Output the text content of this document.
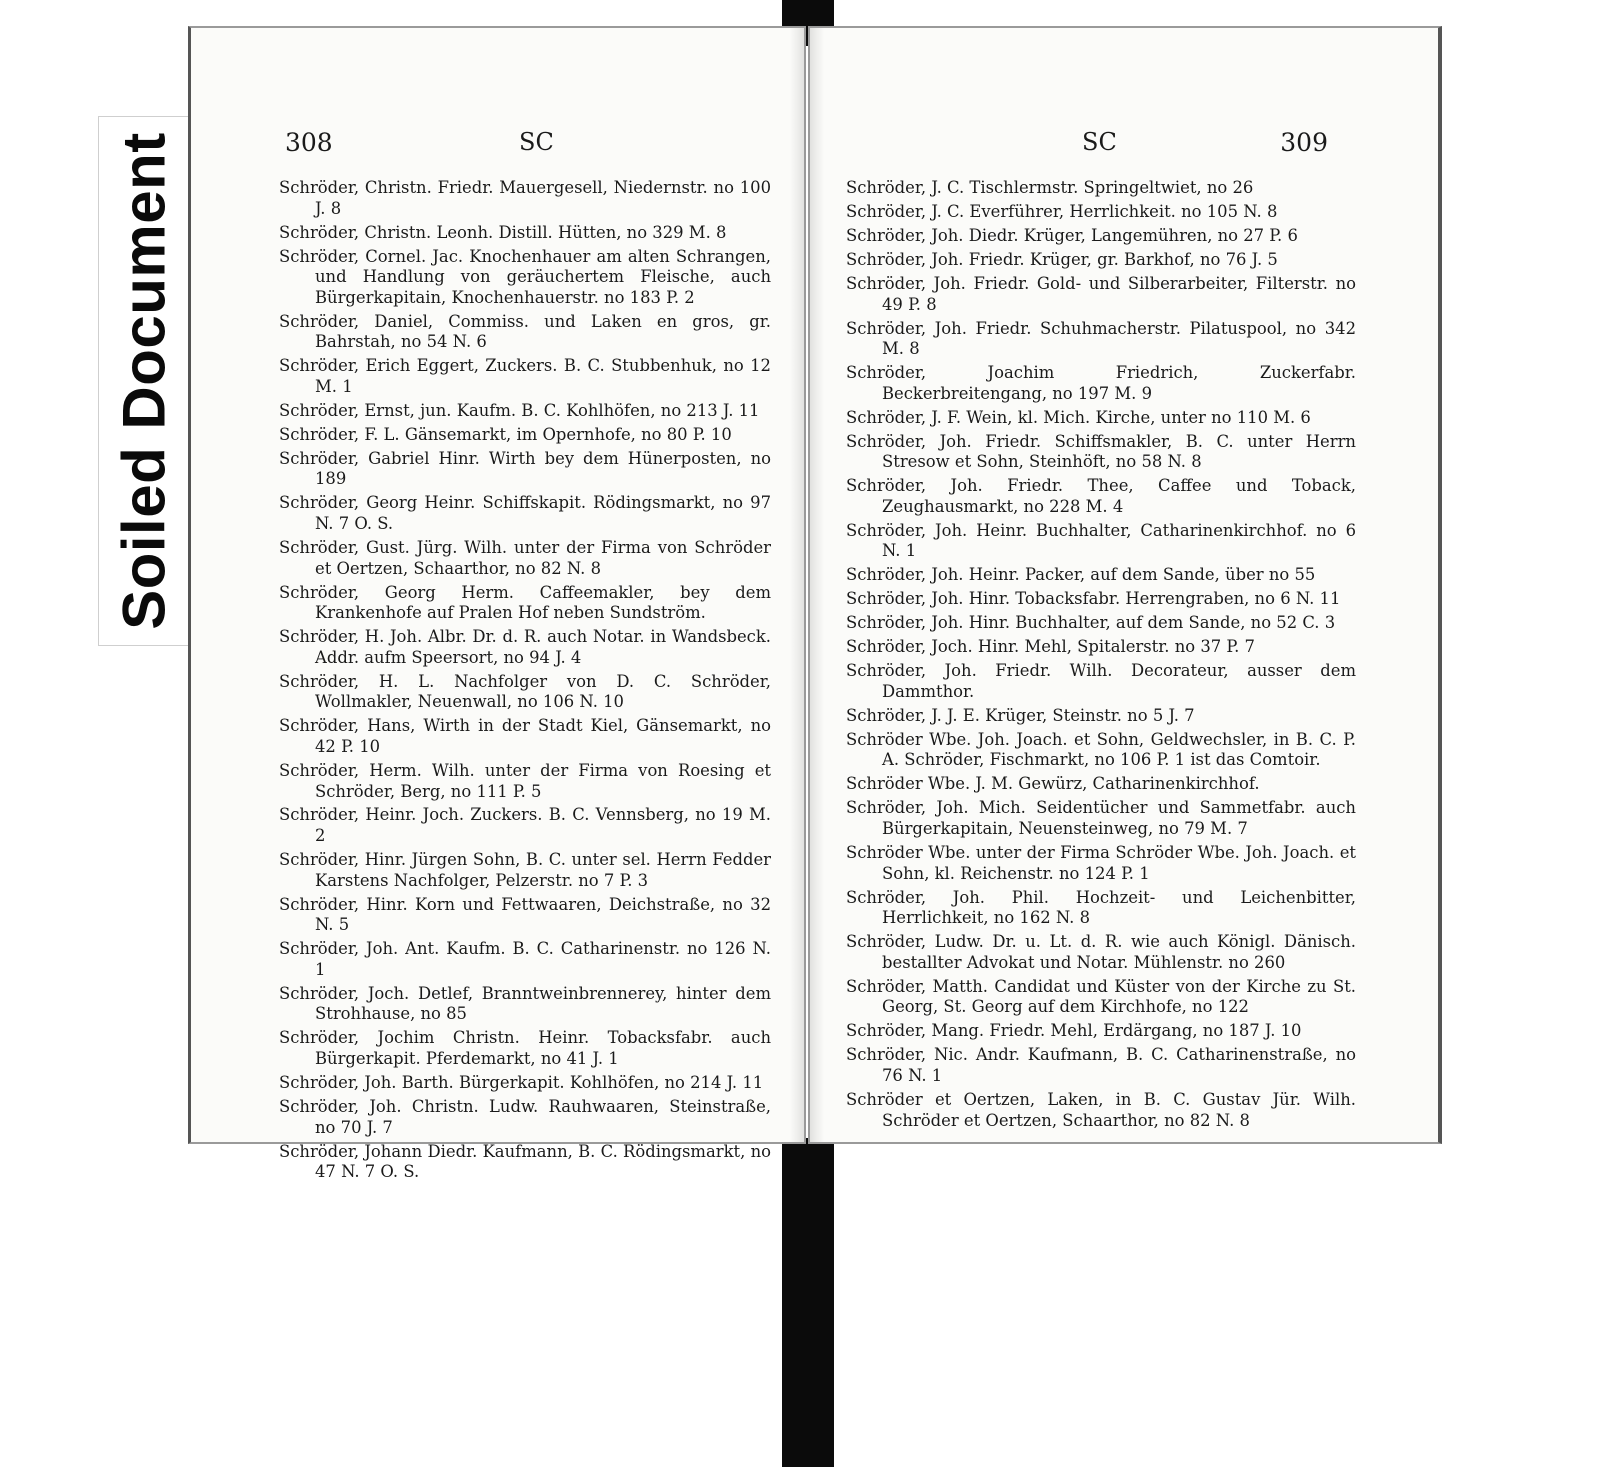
Soiled Document	308	SC
Schröder, Christn. Friedr. Mauergesell, Niedernstr. no 100 J. 8
Schröder, Christn. Leonh. Distill. Hütten, no 329 M. 8
Schröder, Cornel. Jac. Knochenhauer am alten Schrangen, und Handlung von geräuchertem Fleische, auch Bürgerkapitain, Knochenhauerstr. no 183 P. 2
Schröder, Daniel, Commiss. und Laken en gros, gr. Bahrstah, no 54 N. 6
Schröder, Erich Eggert, Zuckers. B. C. Stubbenhuk, no 12 M. 1
Schröder, Ernst, jun. Kaufm. B. C. Kohlhöfen, no 213 J. 11
Schröder, F. L. Gänsemarkt, im Opernhofe, no 80 P. 10
Schröder, Gabriel Hinr. Wirth bey dem Hünerposten, no 189
Schröder, Georg Heinr. Schiffskapit. Rödingsmarkt, no 97 N. 7 O. S.
Schröder, Gust. Jürg. Wilh. unter der Firma von Schröder et Oertzen, Schaarthor, no 82 N. 8
Schröder, Georg Herm. Caffeemakler, bey dem Krankenhofe auf Pralen Hof neben Sundström.
Schröder, H. Joh. Albr. Dr. d. R. auch Notar. in Wandsbeck. Addr. aufm Speersort, no 94 J. 4
Schröder, H. L. Nachfolger von D. C. Schröder, Wollmakler, Neuenwall, no 106 N. 10
Schröder, Hans, Wirth in der Stadt Kiel, Gänsemarkt, no 42 P. 10
Schröder, Herm. Wilh. unter der Firma von Roesing et Schröder, Berg, no 111 P. 5
Schröder, Heinr. Joch. Zuckers. B. C. Vennsberg, no 19 M. 2
Schröder, Hinr. Jürgen Sohn, B. C. unter sel. Herrn Fedder Karstens Nachfolger, Pelzerstr. no 7 P. 3
Schröder, Hinr. Korn und Fettwaaren, Deichstraße, no 32 N. 5
Schröder, Joh. Ant. Kaufm. B. C. Catharinenstr. no 126 N. 1
Schröder, Joch. Detlef, Branntweinbrennerey, hinter dem Strohhause, no 85
Schröder, Jochim Christn. Heinr. Tobacksfabr. auch Bürgerkapit. Pferdemarkt, no 41 J. 1
Schröder, Joh. Barth. Bürgerkapit. Kohlhöfen, no 214 J. 11
Schröder, Joh. Christn. Ludw. Rauhwaaren, Steinstraße, no 70 J. 7
Schröder, Johann Diedr. Kaufmann, B. C. Rödingsmarkt, no 47 N. 7 O. S.
SC	309
Schröder, J. C. Tischlermstr. Springeltwiet, no 26
Schröder, J. C. Everführer, Herrlichkeit. no 105 N. 8
Schröder, Joh. Diedr. Krüger, Langemühren, no 27 P. 6
Schröder, Joh. Friedr. Krüger, gr. Barkhof, no 76 J. 5
Schröder, Joh. Friedr. Gold- und Silberarbeiter, Filterstr. no 49 P. 8
Schröder, Joh. Friedr. Schuhmacherstr. Pilatuspool, no 342 M. 8
Schröder, Joachim Friedrich, Zuckerfabr. Beckerbreitengang, no 197 M. 9
Schröder, J. F. Wein, kl. Mich. Kirche, unter no 110 M. 6
Schröder, Joh. Friedr. Schiffsmakler, B. C. unter Herrn Stresow et Sohn, Steinhöft, no 58 N. 8
Schröder, Joh. Friedr. Thee, Caffee und Toback, Zeughausmarkt, no 228 M. 4
Schröder, Joh. Heinr. Buchhalter, Catharinenkirchhof. no 6 N. 1
Schröder, Joh. Heinr. Packer, auf dem Sande, über no 55
Schröder, Joh. Hinr. Tobacksfabr. Herrengraben, no 6 N. 11
Schröder, Joh. Hinr. Buchhalter, auf dem Sande, no 52 C. 3
Schröder, Joch. Hinr. Mehl, Spitalerstr. no 37 P. 7
Schröder, Joh. Friedr. Wilh. Decorateur, ausser dem Dammthor.
Schröder, J. J. E. Krüger, Steinstr. no 5 J. 7
Schröder Wbe. Joh. Joach. et Sohn, Geldwechsler, in B. C. P. A. Schröder, Fischmarkt, no 106 P. 1 ist das Comtoir.
Schröder Wbe. J. M. Gewürz, Catharinenkirchhof.
Schröder, Joh. Mich. Seidentücher und Sammetfabr. auch Bürgerkapitain, Neuensteinweg, no 79 M. 7
Schröder Wbe. unter der Firma Schröder Wbe. Joh. Joach. et Sohn, kl. Reichenstr. no 124 P. 1
Schröder, Joh. Phil. Hochzeit- und Leichenbitter, Herrlichkeit, no 162 N. 8
Schröder, Ludw. Dr. u. Lt. d. R. wie auch Königl. Dänisch. bestallter Advokat und Notar. Mühlenstr. no 260
Schröder, Matth. Candidat und Küster von der Kirche zu St. Georg, St. Georg auf dem Kirchhofe, no 122
Schröder, Mang. Friedr. Mehl, Erdärgang, no 187 J. 10
Schröder, Nic. Andr. Kaufmann, B. C. Catharinenstraße, no 76 N. 1
Schröder et Oertzen, Laken, in B. C. Gustav Jür. Wilh. Schröder et Oertzen, Schaarthor, no 82 N. 8
